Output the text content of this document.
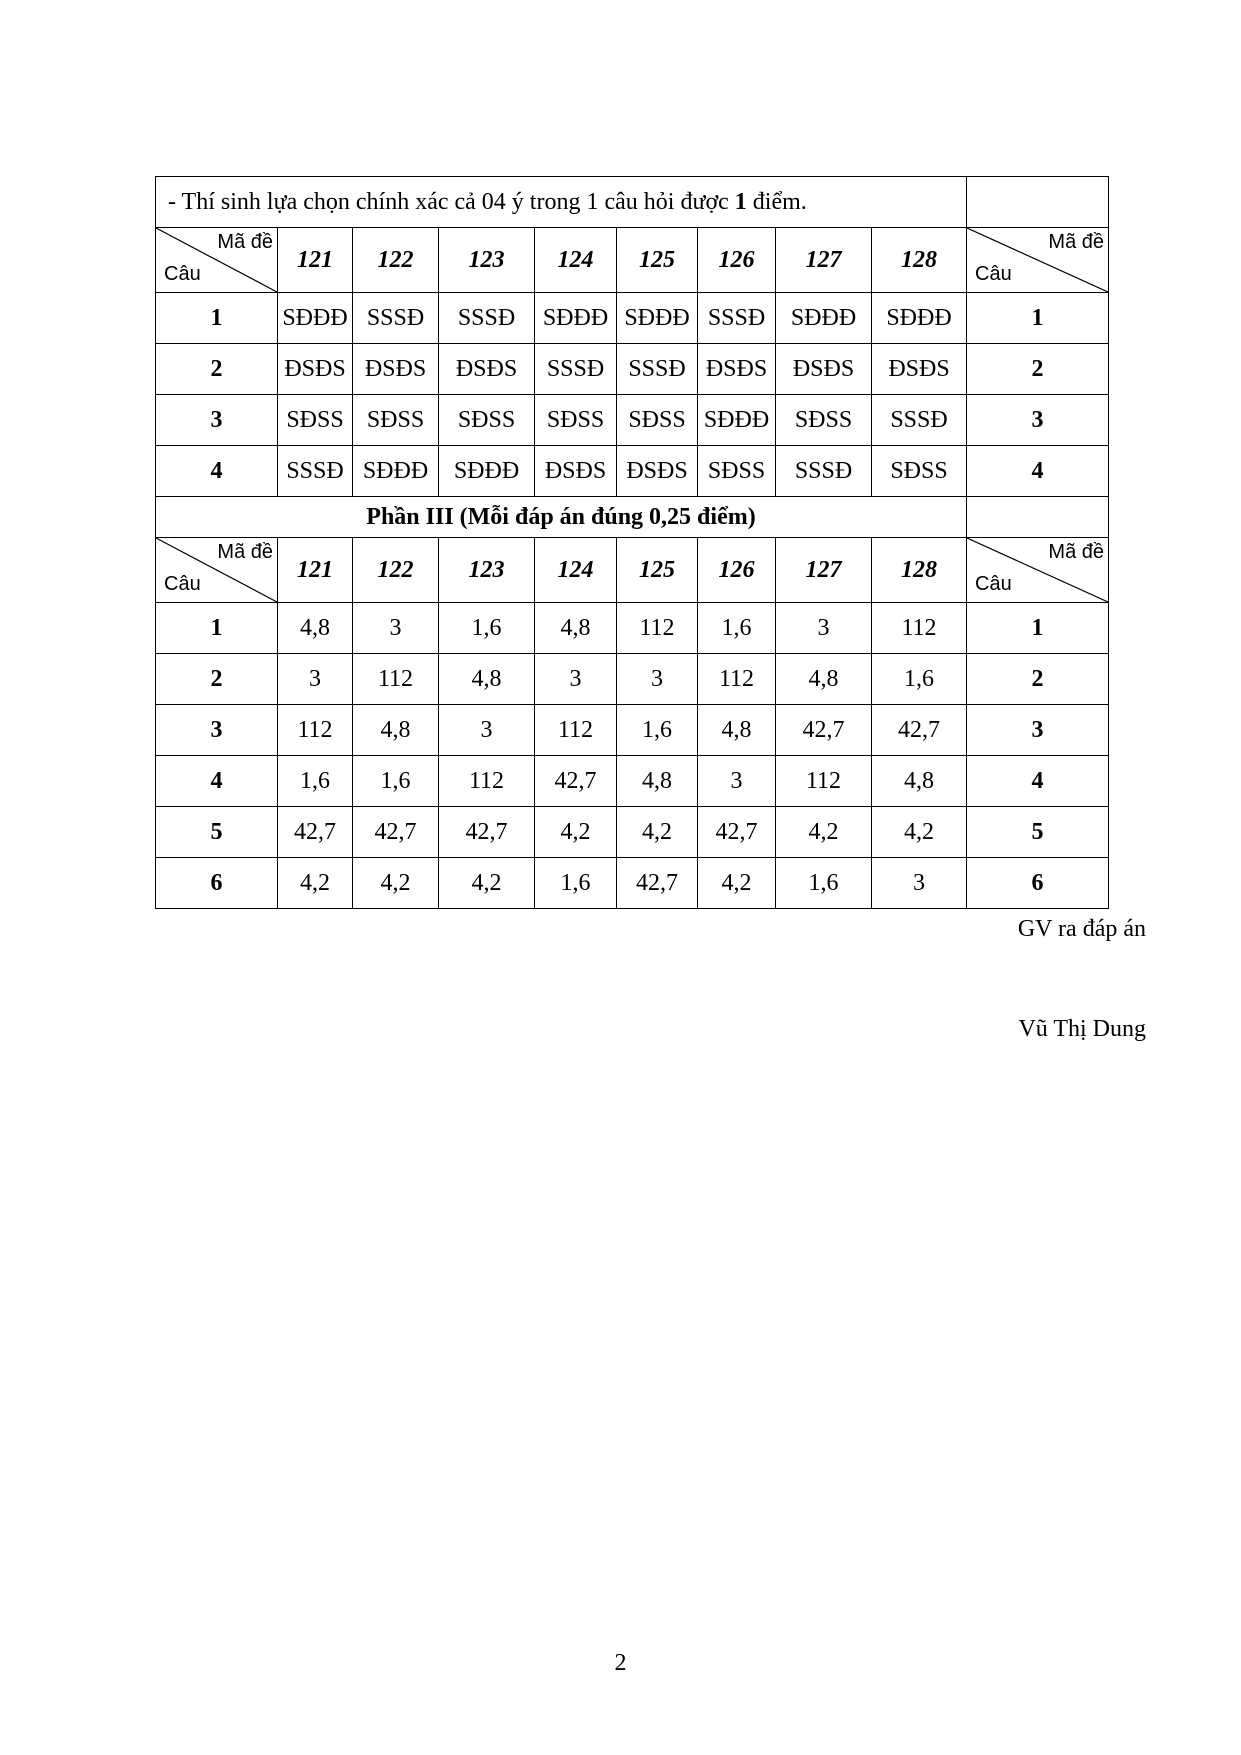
- Thí sinh lựa chọn chính xác cả 04 ý trong 1 câu hỏi được 1 điểm.									

Mã đề
Câu	121	122	123	124	125	126	127	128	Mã đề
Câu

1	SĐĐĐ	SSSĐ	SSSĐ	SĐĐĐ	SĐĐĐ	SSSĐ	SĐĐĐ	SĐĐĐ	1
2	ĐSĐS	ĐSĐS	ĐSĐS	SSSĐ	SSSĐ	ĐSĐS	ĐSĐS	ĐSĐS	2
3	SĐSS	SĐSS	SĐSS	SĐSS	SĐSS	SĐĐĐ	SĐSS	SSSĐ	3
4	SSSĐ	SĐĐĐ	SĐĐĐ	ĐSĐS	ĐSĐS	SĐSS	SSSĐ	SĐSS	4
Phần III (Mỗi đáp án đúng 0,25 điểm)									

Mã đề
Câu	121	122	123	124	125	126	127	128	Mã đề
Câu

1	4,8	3	1,6	4,8	112	1,6	3	112	1
2	3	112	4,8	3	3	112	4,8	1,6	2
3	112	4,8	3	112	1,6	4,8	42,7	42,7	3
4	1,6	1,6	112	42,7	4,8	3	112	4,8	4
5	42,7	42,7	42,7	4,2	4,2	42,7	4,2	4,2	5
6	4,2	4,2	4,2	1,6	42,7	4,2	1,6	3	6
GV ra đáp án
Vũ Thị Dung
2
